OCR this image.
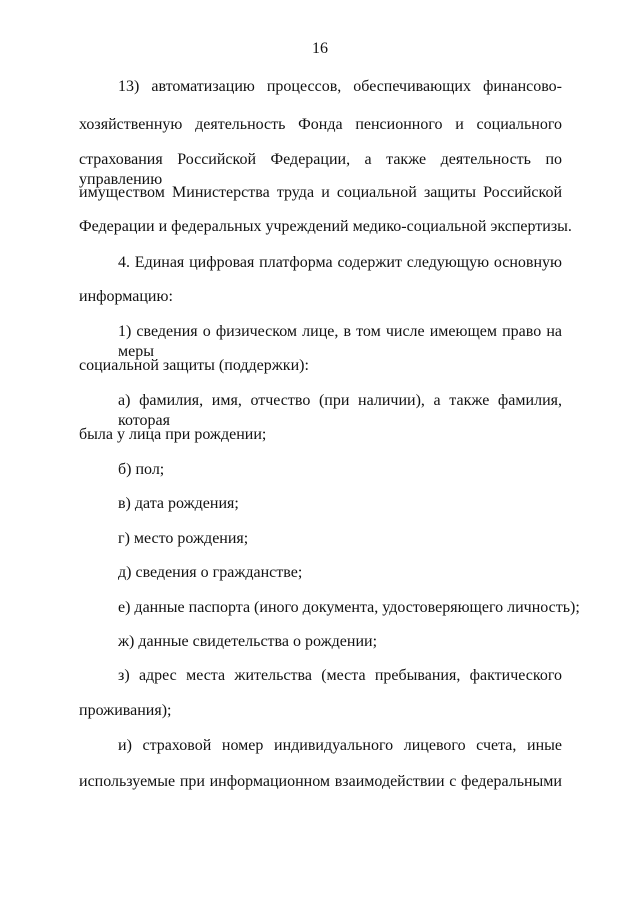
16
13) автоматизацию процессов, обеспечивающих финансово-
хозяйственную деятельность Фонда пенсионного и социального
страхования Российской Федерации, а также деятельность по управлению
имуществом Министерства труда и социальной защиты Российской
Федерации и федеральных учреждений медико-социальной экспертизы.
4. Единая цифровая платформа содержит следующую основную
информацию:
1) сведения о физическом лице, в том числе имеющем право на меры
социальной защиты (поддержки):
а) фамилия, имя, отчество (при наличии), а также фамилия, которая
была у лица при рождении;
б) пол;
в) дата рождения;
г) место рождения;
д) сведения о гражданстве;
е) данные паспорта (иного документа, удостоверяющего личность);
ж) данные свидетельства о рождении;
з) адрес места жительства (места пребывания, фактического
проживания);
и) страховой номер индивидуального лицевого счета, иные
используемые при информационном взаимодействии с федеральными
